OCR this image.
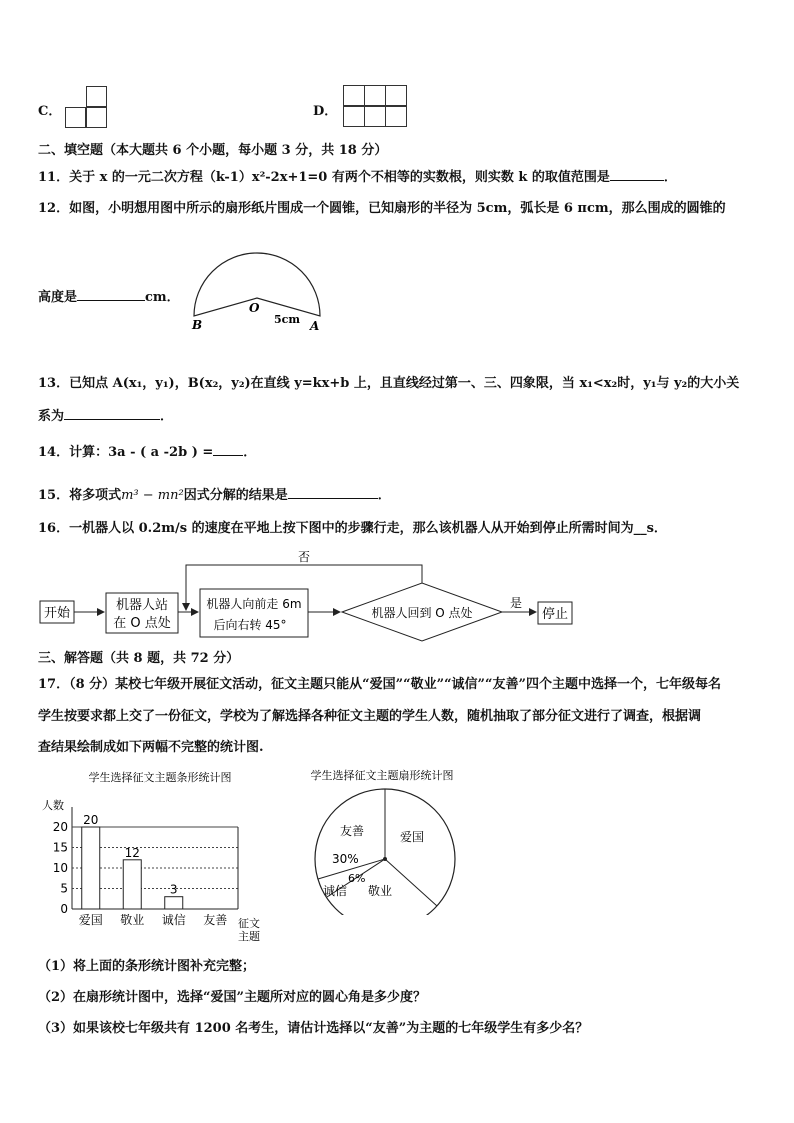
C．	D．
二、填空题（本大题共 6 个小题，每小题 3 分，共 18 分）
11．关于 x 的一元二次方程（k-1）x²-2x+1=0 有两个不相等的实数根，则实数 k 的取值范围是	．
12．如图，小明想用图中所示的扇形纸片围成一个圆锥，已知扇形的半径为 5cm，弧长是 6 πcm，那么围成的圆锥的
高度是	cm．
O
B	A
5cm
13．已知点 A(x₁，y₁)，B(x₂，y₂)在直线 y=kx+b 上，且直线经过第一、三、四象限，当 x₁<x₂时，y₁与 y₂的大小关
系为	．
14．计算：3a - ( a -2b ) = ．
15．将多项式m³ − mn²因式分解的结果是	．
16．一机器人以 0.2m/s 的速度在平地上按下图中的步骤行走，那么该机器人从开始到停止所需时间为__s．
开始
机器人站
在 O 点处
机器人向前走 6m
后向右转 45°
机器人回到 O 点处
是
停止
否
三、解答题（共 8 题，共 72 分）
17．（8 分）某校七年级开展征文活动，征文主题只能从“爱国”“敬业”“诚信”“友善”四个主题中选择一个，七年级每名
学生按要求都上交了一份征文，学校为了解选择各种征文主题的学生人数，随机抽取了部分征文进行了调查，根据调
查结果绘制成如下两幅不完整的统计图.
学生选择征文主题条形统计图
人数
0
5
10
15
20 20
爱国
12
敬业
3
诚信 友善 征文
主题
学生选择征文主题扇形统计图
友善	爱国
30%
6%
诚信 敬业
（1）将上面的条形统计图补充完整；
（2）在扇形统计图中，选择“爱国”主题所对应的圆心角是多少度？
（3）如果该校七年级共有 1200 名考生，请估计选择以“友善”为主题的七年级学生有多少名？
